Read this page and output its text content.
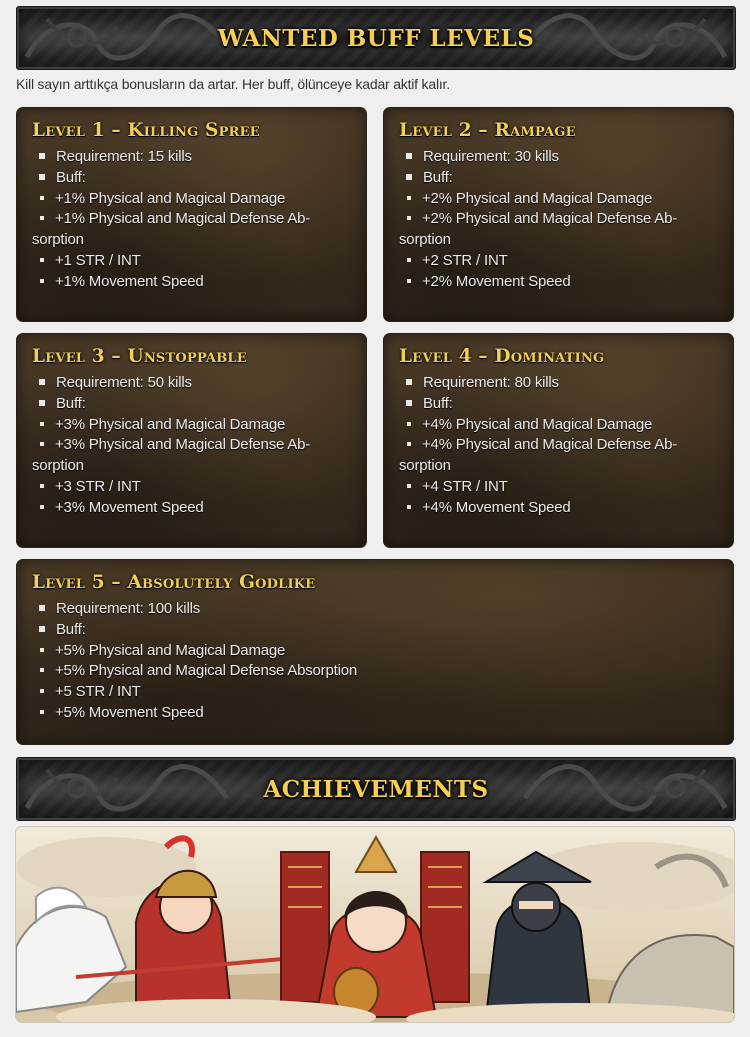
WANTED BUFF LEVELS
Kill sayın arttıkça bonusların da artar. Her buff, ölünceye kadar aktif kalır.
Level 1 – Killing Spree
Requirement: 15 kills
Buff:
+1% Physical and Magical Damage
+1% Physical and Magical Defense Ab-
sorption
+1 STR / INT
+1% Movement Speed
Level 2 – Rampage
Requirement: 30 kills
Buff:
+2% Physical and Magical Damage
+2% Physical and Magical Defense Ab-
sorption
+2 STR / INT
+2% Movement Speed
Level 3 – Unstoppable
Requirement: 50 kills
Buff:
+3% Physical and Magical Damage
+3% Physical and Magical Defense Ab-
sorption
+3 STR / INT
+3% Movement Speed
Level 4 – Dominating
Requirement: 80 kills
Buff:
+4% Physical and Magical Damage
+4% Physical and Magical Defense Ab-
sorption
+4 STR / INT
+4% Movement Speed
Level 5 – Absolutely Godlike
Requirement: 100 kills
Buff:
+5% Physical and Magical Damage
+5% Physical and Magical Defense Absorption
+5 STR / INT
+5% Movement Speed
ACHIEVEMENTS
